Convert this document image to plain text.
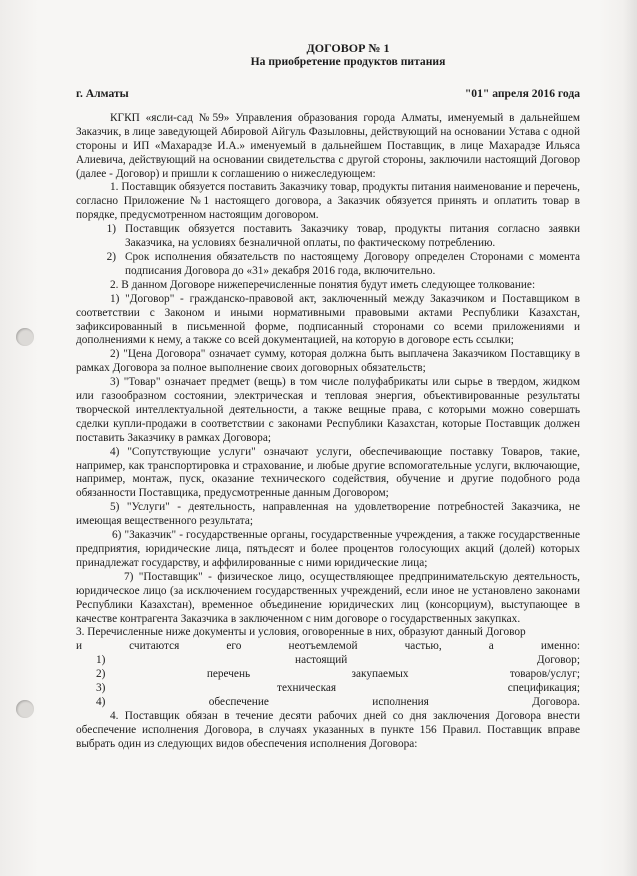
ДОГОВОР № 1
На приобретение продуктов питания
г. Алматы	"01" апреля 2016 года

КГКП «ясли-сад №59» Управления образования города Алматы, именуемый в дальнейшем Заказчик, в лице заведующей Абировой Айгуль Фазыловны, действующий на основании Устава с одной стороны и ИП «Махарадзе И.А.» именуемый в дальнейшем Поставщик, в лице Махарадзе Ильяса Алиевича, действующий на основании свидетельства с другой стороны, заключили настоящий Договор (далее - Договор) и пришли к соглашению о нижеследующем:

1. Поставщик обязуется поставить Заказчику товар, продукты питания наименование и перечень, согласно Приложение №1 настоящего договора, а Заказчик обязуется принять и оплатить товар в порядке, предусмотренном настоящим договором.

1) Поставщик обязуется поставить Заказчику товар, продукты питания согласно заявки Заказчика, на условиях безналичной оплаты, по фактическому потреблению.
2) Срок исполнения обязательств по настоящему Договору определен Сторонами с момента подписания Договора до «31» декабря 2016 года, включительно.

2. В данном Договоре нижеперечисленные понятия будут иметь следующее толкование:

1) "Договор" - гражданско-правовой акт, заключенный между Заказчиком и Поставщиком в соответствии с Законом и иными нормативными правовыми актами Республики Казахстан, зафиксированный в письменной форме, подписанный сторонами со всеми приложениями и дополнениями к нему, а также со всей документацией, на которую в договоре есть ссылки;

2) "Цена Договора" означает сумму, которая должна быть выплачена Заказчиком Поставщику в рамках Договора за полное выполнение своих договорных обязательств;

3) "Товар" означает предмет (вещь) в том числе полуфабрикаты или сырье в твердом, жидком или газообразном состоянии, электрическая и тепловая энергия, объективированные результаты творческой интеллектуальной деятельности, а также вещные права, с которыми можно совершать сделки купли-продажи в соответствии с законами Республики Казахстан, которые Поставщик должен поставить Заказчику в рамках Договора;

4) "Сопутствующие услуги" означают услуги, обеспечивающие поставку Товаров, такие, например, как транспортировка и страхование, и любые другие вспомогательные услуги, включающие, например, монтаж, пуск, оказание технического содействия, обучение и другие подобного рода обязанности Поставщика, предусмотренные данным Договором;

5) "Услуги" - деятельность, направленная на удовлетворение потребностей Заказчика, не имеющая вещественного результата;

6) "Заказчик" - государственные органы, государственные учреждения, а также государственные предприятия, юридические лица, пятьдесят и более процентов голосующих акций (долей) которых принадлежат государству, и аффилированные с ними юридические лица;

7) "Поставщик" - физическое лицо, осуществляющее предпринимательскую деятельность, юридическое лицо (за исключением государственных учреждений, если иное не установлено законами Республики Казахстан), временное объединение юридических лиц (консорциум), выступающее в качестве контрагента Заказчика в заключенном с ним договоре о государственных закупках.

3. Перечисленные ниже документы и условия, оговоренные в них, образуют данный Договор

и	считаются	его	неотъемлемой	частью,	а	именно:
1)	настоящий	Договор;
2)	перечень	закупаемых	товаров/услуг;
3)	техническая	спецификация;
4)	обеспечение	исполнения	Договора.

4. Поставщик обязан в течение десяти рабочих дней со дня заключения Договора внести обеспечение исполнения Договора, в случаях указанных в пункте 156 Правил. Поставщик вправе выбрать один из следующих видов обеспечения исполнения Договора:
